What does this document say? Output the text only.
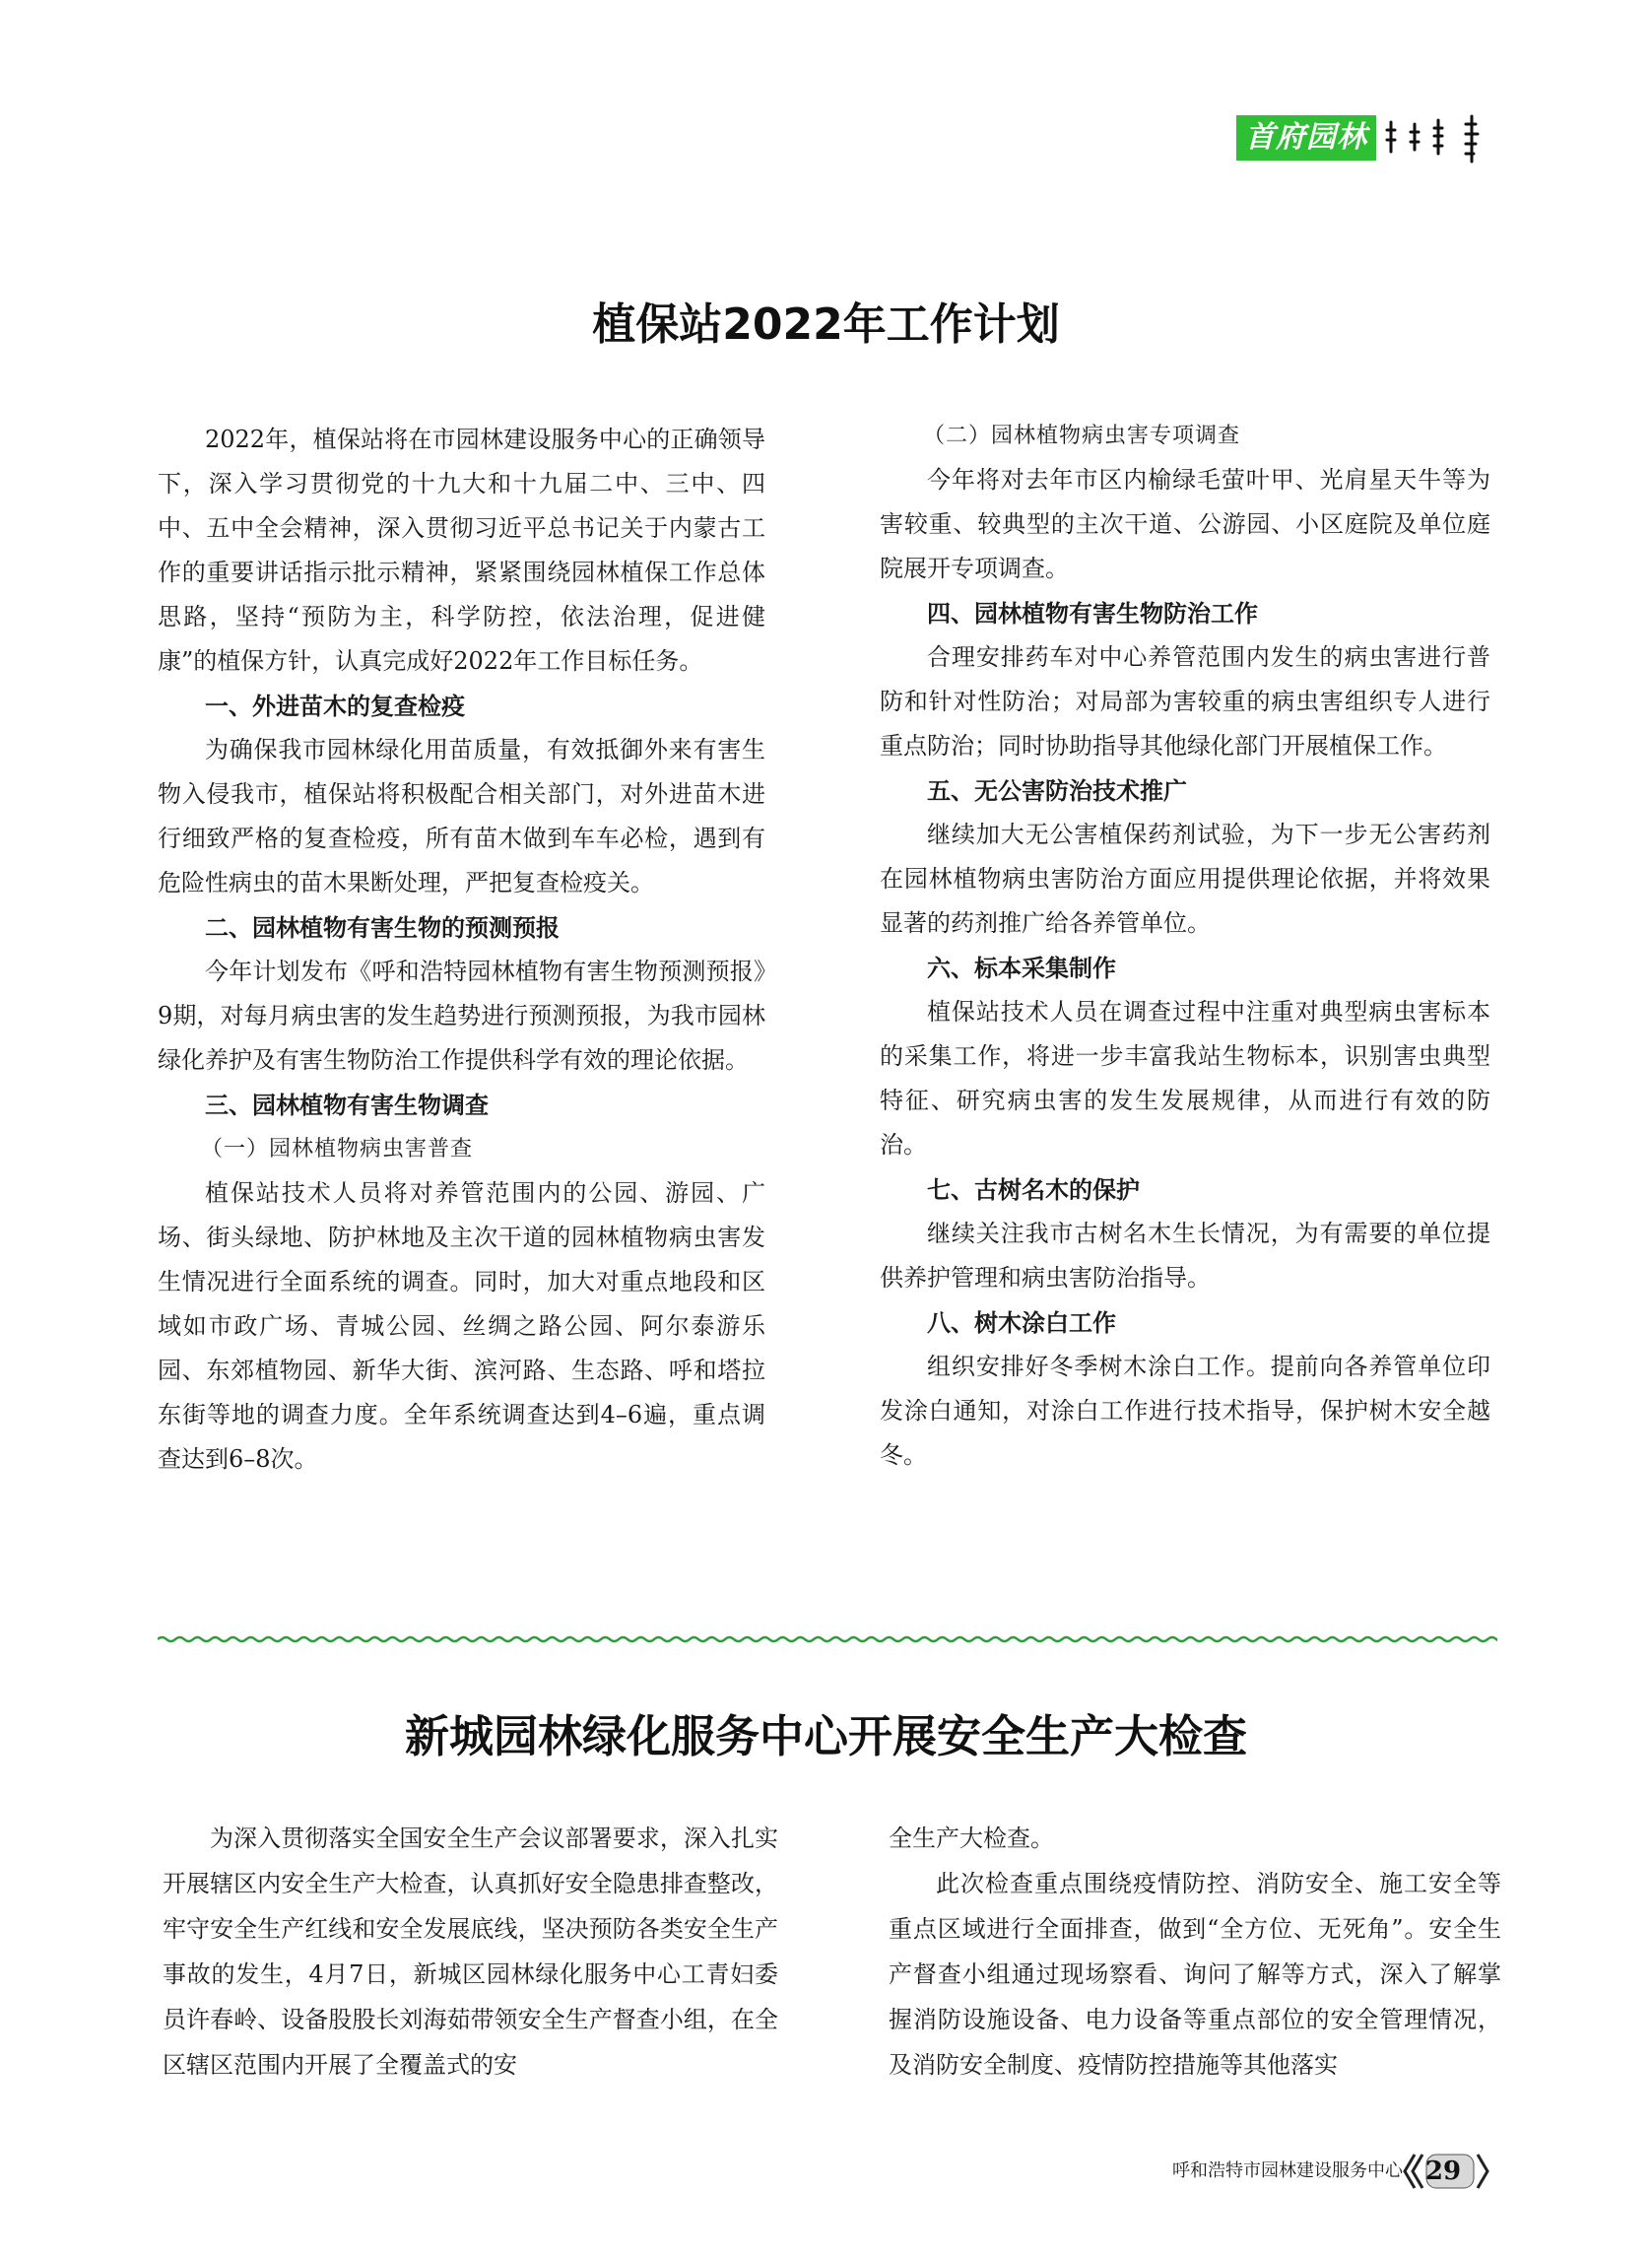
首府园林
植保站2022年工作计划

2022年，植保站将在市园林建设服务中心的正确领导下，深入学习贯彻党的十九大和十九届二中、三中、四中、五中全会精神，深入贯彻习近平总书记关于内蒙古工作的重要讲话指示批示精神，紧紧围绕园林植保工作总体思路，坚持“预防为主，科学防控，依法治理，促进健康”的植保方针，认真完成好2022年工作目标任务。

一、外进苗木的复查检疫

为确保我市园林绿化用苗质量，有效抵御外来有害生物入侵我市，植保站将积极配合相关部门，对外进苗木进行细致严格的复查检疫，所有苗木做到车车必检，遇到有危险性病虫的苗木果断处理，严把复查检疫关。

二、园林植物有害生物的预测预报

今年计划发布《呼和浩特园林植物有害生物预测预报》9期，对每月病虫害的发生趋势进行预测预报，为我市园林绿化养护及有害生物防治工作提供科学有效的理论依据。

三、园林植物有害生物调查

（一）园林植物病虫害普查

植保站技术人员将对养管范围内的公园、游园、广场、街头绿地、防护林地及主次干道的园林植物病虫害发生情况进行全面系统的调查。同时，加大对重点地段和区域如市政广场、青城公园、丝绸之路公园、阿尔泰游乐园、东郊植物园、新华大街、滨河路、生态路、呼和塔拉东街等地的调查力度。全年系统调查达到4–6遍，重点调查达到6–8次。

（二）园林植物病虫害专项调查

今年将对去年市区内榆绿毛萤叶甲、光肩星天牛等为害较重、较典型的主次干道、公游园、小区庭院及单位庭院展开专项调查。

四、园林植物有害生物防治工作

合理安排药车对中心养管范围内发生的病虫害进行普防和针对性防治；对局部为害较重的病虫害组织专人进行重点防治；同时协助指导其他绿化部门开展植保工作。

五、无公害防治技术推广

继续加大无公害植保药剂试验，为下一步无公害药剂在园林植物病虫害防治方面应用提供理论依据，并将效果显著的药剂推广给各养管单位。

六、标本采集制作

植保站技术人员在调查过程中注重对典型病虫害标本的采集工作，将进一步丰富我站生物标本，识别害虫典型特征、研究病虫害的发生发展规律，从而进行有效的防治。

七、古树名木的保护

继续关注我市古树名木生长情况，为有需要的单位提供养护管理和病虫害防治指导。

八、树木涂白工作

组织安排好冬季树木涂白工作。提前向各养管单位印发涂白通知，对涂白工作进行技术指导，保护树木安全越冬。

新城园林绿化服务中心开展安全生产大检查

为深入贯彻落实全国安全生产会议部署要求，深入扎实开展辖区内安全生产大检查，认真抓好安全隐患排查整改，牢守安全生产红线和安全发展底线，坚决预防各类安全生产事故的发生，4月7日，新城区园林绿化服务中心工青妇委员许春岭、设备股股长刘海茹带领安全生产督查小组，在全区辖区范围内开展了全覆盖式的安

全生产大检查。

此次检查重点围绕疫情防控、消防安全、施工安全等重点区域进行全面排查，做到“全方位、无死角”。安全生产督查小组通过现场察看、询问了解等方式，深入了解掌握消防设施设备、电力设备等重点部位的安全管理情况，及消防安全制度、疫情防控措施等其他落实

呼和浩特市园林建设服务中心 29
